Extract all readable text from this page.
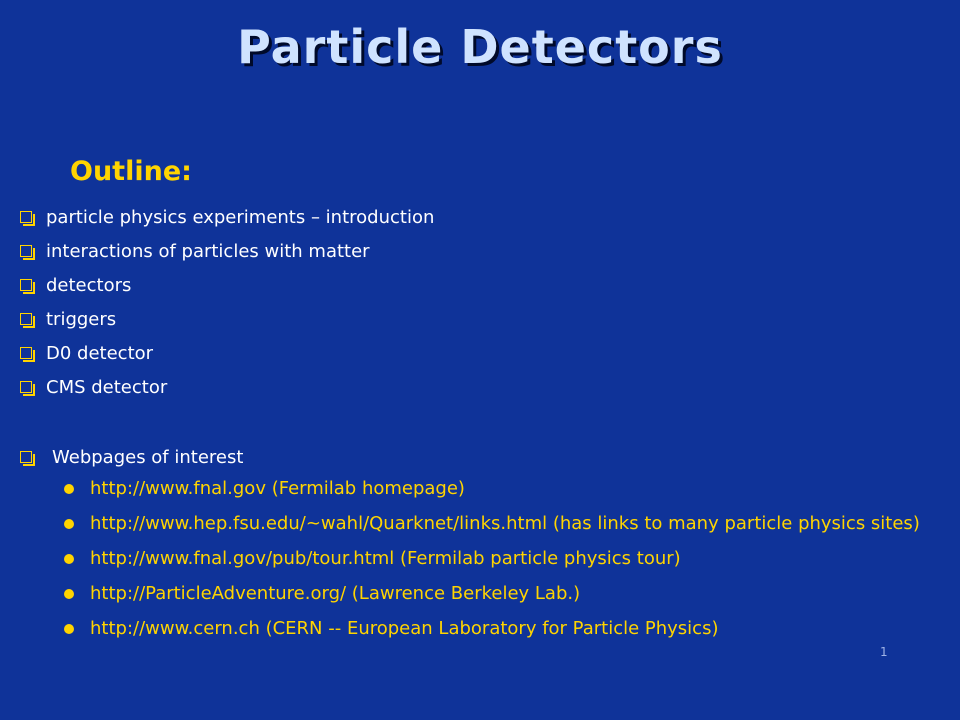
Particle Detectors
Outline:
particle physics experiments – introduction
interactions of particles with matter
detectors
triggers
D0 detector
CMS detector
Webpages of interest
http://www.fnal.gov (Fermilab homepage)
http://www.hep.fsu.edu/~wahl/Quarknet/links.html (has links to many particle physics sites)
http://www.fnal.gov/pub/tour.html (Fermilab particle physics tour)
http://ParticleAdventure.org/ (Lawrence Berkeley Lab.)
http://www.cern.ch (CERN -- European Laboratory for Particle Physics)
1
